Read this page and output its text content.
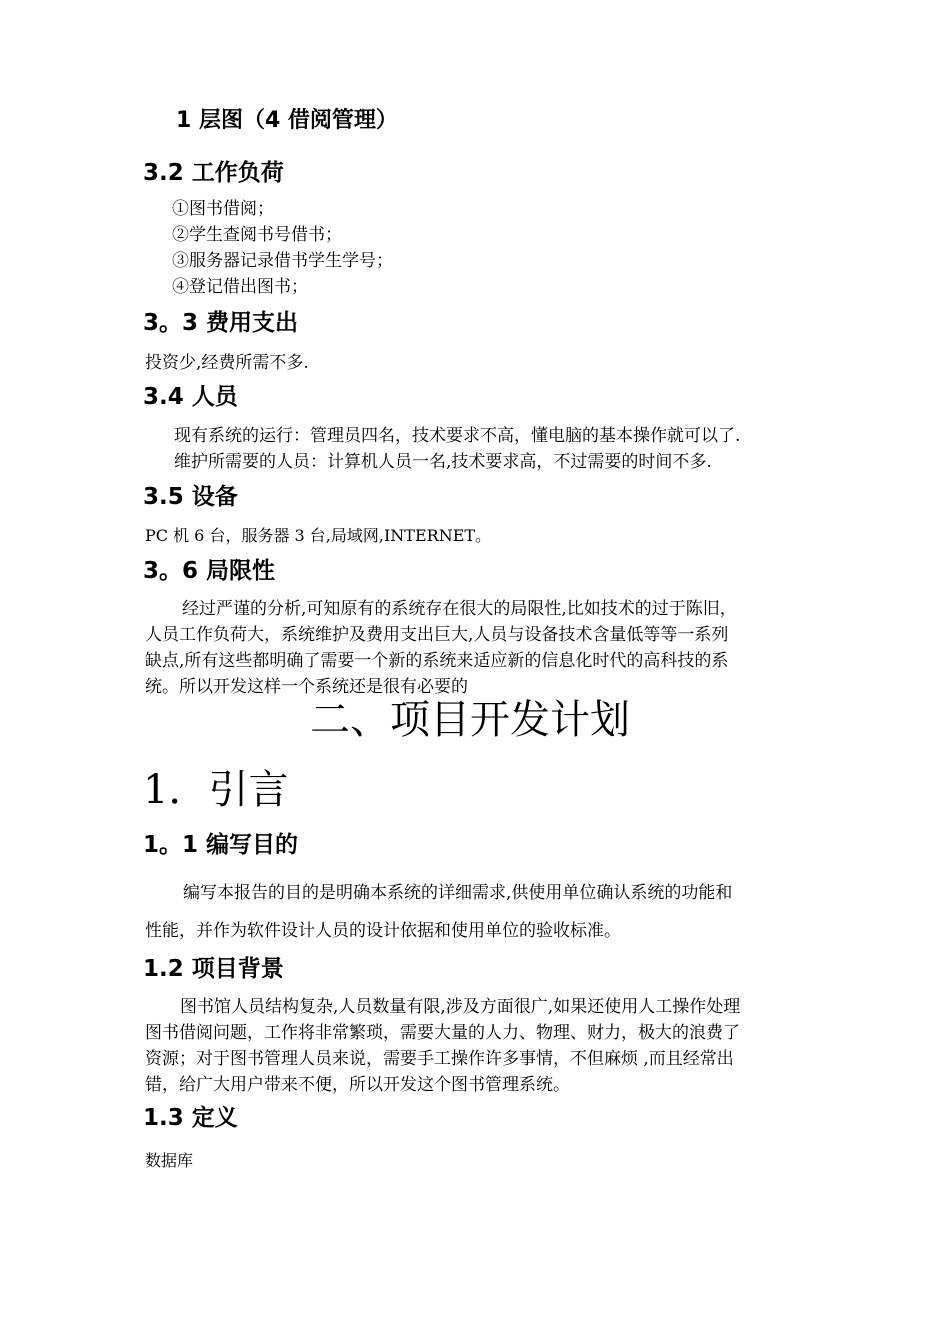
1 层图（4 借阅管理）
3.2 工作负荷

①图书借阅；

②学生查阅书号借书；

③服务器记录借书学生学号；

④登记借出图书；

3。3 费用支出
投资少,经费所需不多.
3.4 人员

现有系统的运行：管理员四名，技术要求不高，懂电脑的基本操作就可以了.

维护所需要的人员：计算机人员一名,技术要求高，不过需要的时间不多.

3.5 设备
PC 机 6 台，服务器 3 台,局域网,INTERNET。
3。6 局限性

经过严谨的分析,可知原有的系统存在很大的局限性,比如技术的过于陈旧，

人员工作负荷大，系统维护及费用支出巨大,人员与设备技术含量低等等一系列

缺点,所有这些都明确了需要一个新的系统来适应新的信息化时代的高科技的系

统。所以开发这样一个系统还是很有必要的

二、项目开发计划
1．引言
1。1 编写目的

编写本报告的目的是明确本系统的详细需求,供使用单位确认系统的功能和

性能，并作为软件设计人员的设计依据和使用单位的验收标准。

1.2 项目背景

图书馆人员结构复杂,人员数量有限,涉及方面很广,如果还使用人工操作处理

图书借阅问题，工作将非常繁琐，需要大量的人力、物理、财力，极大的浪费了

资源；对于图书管理人员来说，需要手工操作许多事情，不但麻烦 ,而且经常出

错，给广大用户带来不便，所以开发这个图书管理系统。

1.3 定义
数据库
